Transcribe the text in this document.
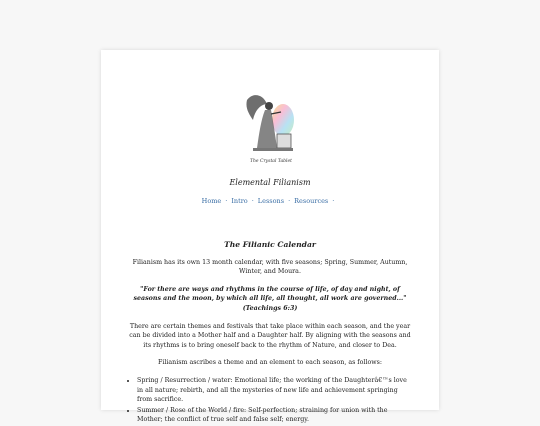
The Crystal Tablet
Elemental Filianism
Home · Intro · Lessons · Resources ·
The Filianic Calendar

Filianism has its own 13 month calendar, with five seasons; Spring, Summer, Autumn, Winter, and Moura.

"For there are ways and rhythms in the course of life, of day and night, of seasons and the moon, by which all life, all thought, all work are governed..." (Teachings 6:3)

There are certain themes and festivals that take place within each season, and the year can be divided into a Mother half and a Daughter half. By aligning with the seasons and its rhythms is to bring oneself back to the rhythm of Nature, and closer to Dea.

Filianism ascribes a theme and an element to each season, as follows:

• Spring / Resurrection / water: Emotional life; the working of the Daughterâ€™s love in all nature; rebirth, and all the mysteries of new life and achievement springing from sacrifice.
• Summer / Rose of the World / fire: Self-perfection; straining for union with the Mother; the conflict of true self and false self; energy.
